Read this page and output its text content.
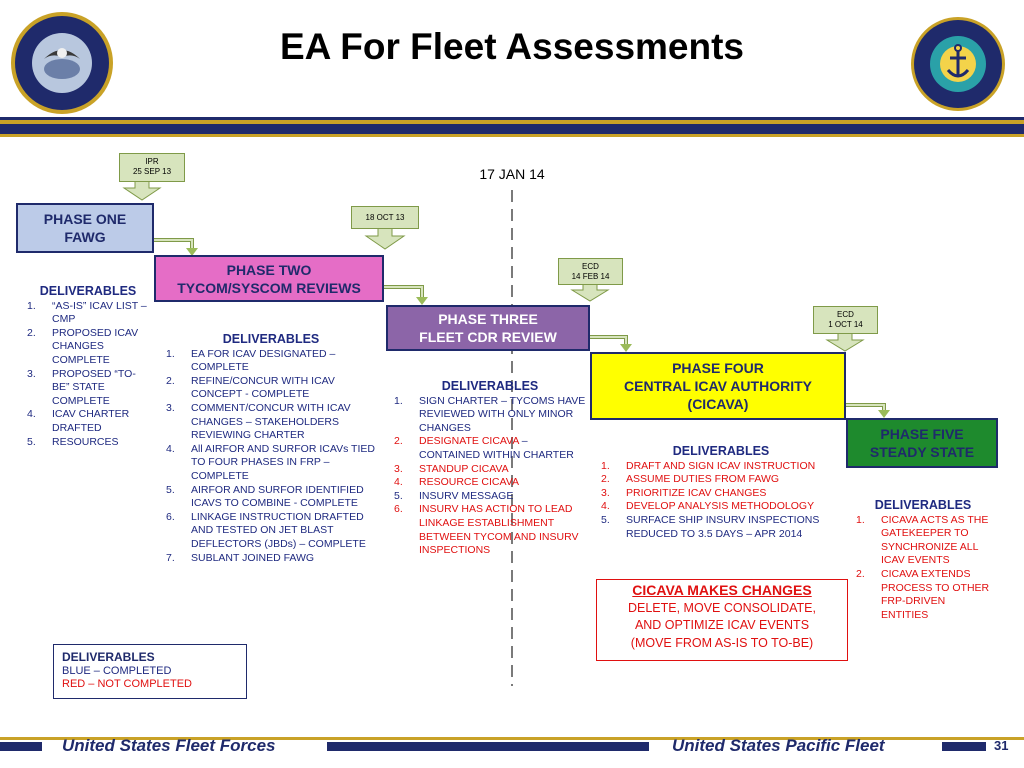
EA For Fleet Assessments
17 JAN 14
IPR
25 SEP 13
18 OCT 13
ECD
14 FEB 14
ECD
1 OCT 14
PHASE ONE
FAWG
PHASE TWO
TYCOM/SYSCOM REVIEWS
PHASE THREE
FLEET CDR REVIEW
PHASE FOUR
CENTRAL ICAV AUTHORITY
(CICAVA)
PHASE FIVE
STEADY STATE
DELIVERABLES
1. “AS-IS” ICAV LIST – CMP
2. PROPOSED ICAV CHANGES COMPLETE
3. PROPOSED “TO-BE” STATE COMPLETE
4. ICAV CHARTER DRAFTED
5. RESOURCES
DELIVERABLES
1. EA FOR ICAV DESIGNATED – COMPLETE
2. REFINE/CONCUR WITH ICAV CONCEPT - COMPLETE
3. COMMENT/CONCUR WITH ICAV CHANGES – STAKEHOLDERS REVIEWING CHARTER
4. All AIRFOR AND SURFOR ICAVs TIED TO FOUR PHASES IN FRP – COMPLETE
5. AIRFOR AND SURFOR IDENTIFIED ICAVS TO COMBINE - COMPLETE
6. LINKAGE INSTRUCTION DRAFTED AND TESTED ON JET BLAST DEFLECTORS (JBDs) – COMPLETE
7. SUBLANT JOINED FAWG
DELIVERABLES
1. SIGN CHARTER – TYCOMS HAVE REVIEWED WITH ONLY MINOR CHANGES
2. DESIGNATE CICAVA – CONTAINED WITHIN CHARTER
3. STANDUP CICAVA
4. RESOURCE CICAVA
5. INSURV MESSAGE
6. INSURV HAS ACTION TO LEAD LINKAGE ESTABLISHMENT BETWEEN TYCOM AND INSURV INSPECTIONS
DELIVERABLES
1. DRAFT AND SIGN ICAV INSTRUCTION
2. ASSUME DUTIES FROM FAWG
3. PRIORITIZE ICAV CHANGES
4. DEVELOP ANALYSIS METHODOLOGY
5. SURFACE SHIP INSURV INSPECTIONS REDUCED TO 3.5 DAYS – APR 2014
DELIVERABLES
1. CICAVA ACTS AS THE GATEKEEPER TO SYNCHRONIZE ALL ICAV EVENTS
2. CICAVA EXTENDS PROCESS TO OTHER FRP-DRIVEN ENTITIES
CICAVA MAKES CHANGES
DELETE, MOVE CONSOLIDATE,
AND OPTIMIZE ICAV EVENTS
(MOVE FROM AS-IS TO TO-BE)
DELIVERABLES
BLUE – COMPLETED
RED – NOT COMPLETED
United States Fleet Forces	United States Pacific Fleet	31
